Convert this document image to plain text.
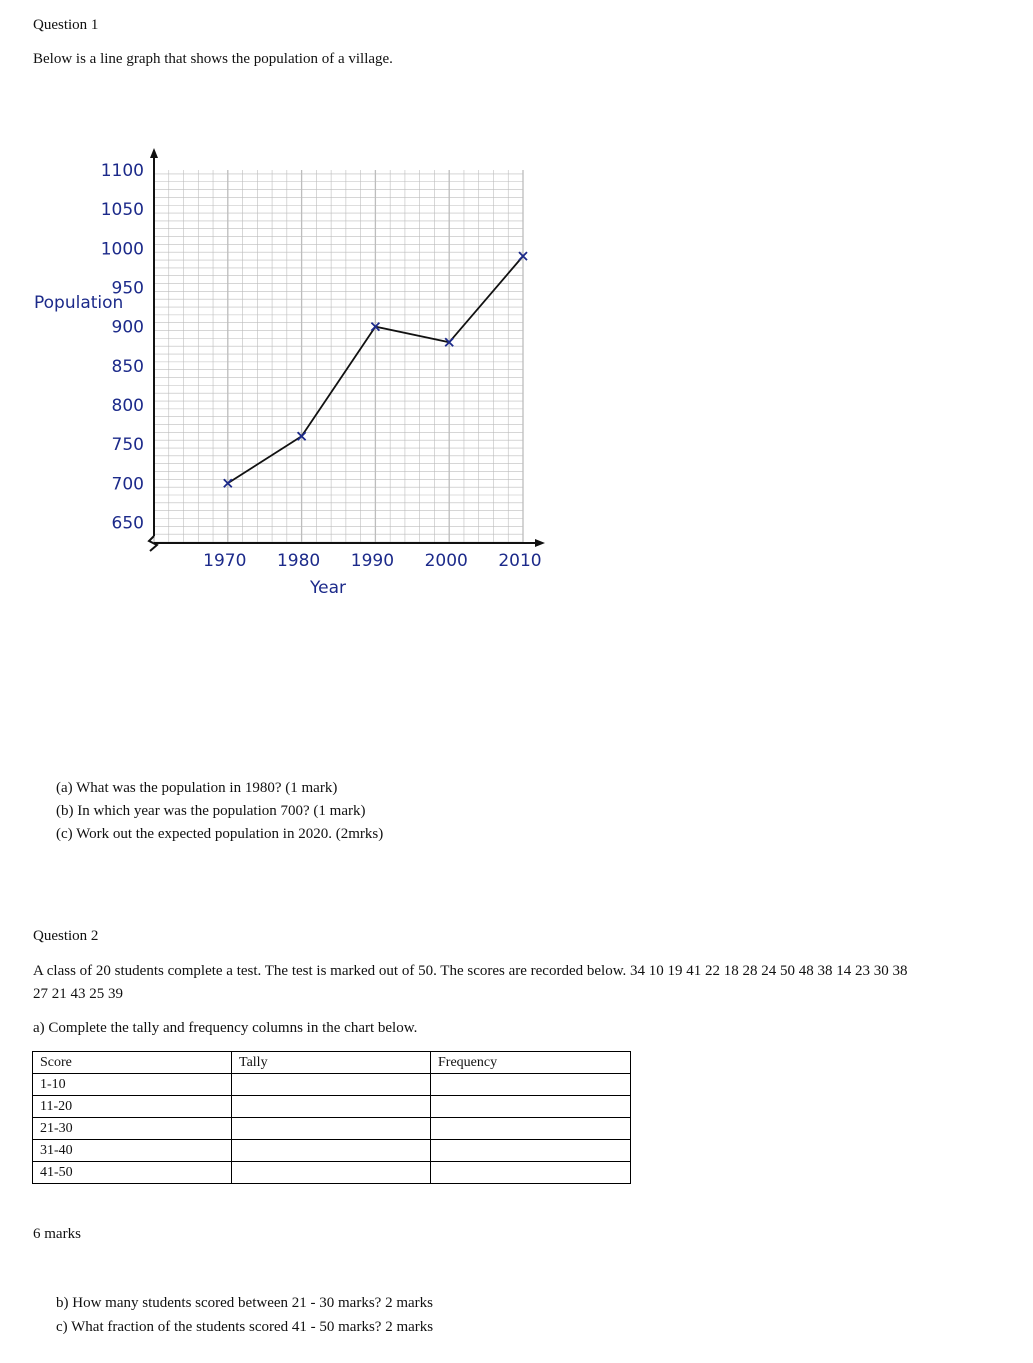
Question 1
Below is a line graph that shows the population of a village.
650
700
750
800
850
900
950
1000
1050
1100
1970 1980 1990 2000 2010
Population
Year
(a) What was the population in 1980? (1 mark)
(b) In which year was the population 700? (1 mark)
(c) Work out the expected population in 2020. (2mrks)
Question 2
A class of 20 students complete a test. The test is marked out of 50. The scores are recorded below. 34 10 19 41 22 18 28 24 50 48 38 14 23 30 38
27 21 43 25 39
a) Complete the tally and frequency columns in the chart below.
Score	Tally	Frequency
1-10		
11-20		
21-30		
31-40		
41-50		
6 marks
b) How many students scored between 21 - 30 marks? 2 marks
c) What fraction of the students scored 41 - 50 marks? 2 marks
